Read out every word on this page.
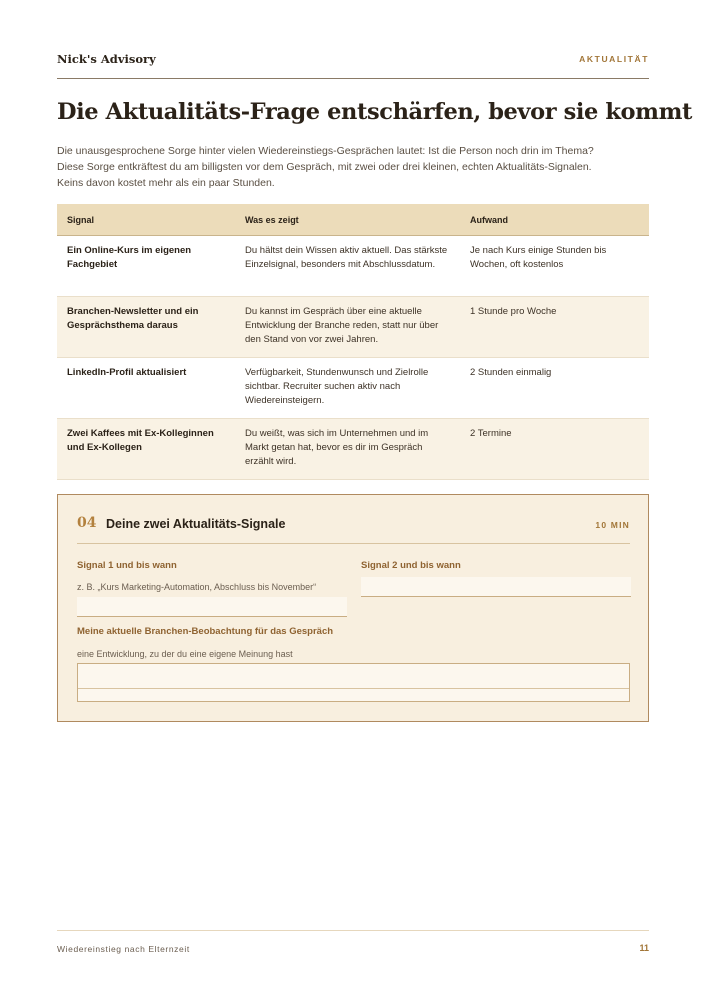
Nick's Advisory	AKTUALITÄT
Die Aktualitäts-Frage entschärfen, bevor sie kommt
Die unausgesprochene Sorge hinter vielen Wiedereinstiegs-Gesprächen lautet: Ist die Person noch drin im Thema?
Diese Sorge entkräftest du am billigsten vor dem Gespräch, mit zwei oder drei kleinen, echten Aktualitäts-Signalen.
Keins davon kostet mehr als ein paar Stunden.
Signal	Was es zeigt	Aufwand
Ein Online-Kurs im eigenen Fachgebiet	Du hältst dein Wissen aktiv aktuell. Das stärkste Einzelsignal, besonders mit Abschlussdatum.	Je nach Kurs einige Stunden bis Wochen, oft kostenlos
Branchen-Newsletter und ein Gesprächsthema daraus	Du kannst im Gespräch über eine aktuelle Entwicklung der Branche reden, statt nur über den Stand von vor zwei Jahren.	1 Stunde pro Woche
LinkedIn-Profil aktualisiert	Verfügbarkeit, Stundenwunsch und Zielrolle sichtbar. Recruiter suchen aktiv nach Wiedereinsteigern.	2 Stunden einmalig
Zwei Kaffees mit Ex-Kolleginnen und Ex-Kollegen	Du weißt, was sich im Unternehmen und im Markt getan hat, bevor es dir im Gespräch erzählt wird.	2 Termine
04 Deine zwei Aktualitäts-Signale	10 MIN
Signal 1 und bis wann
z. B. „Kurs Marketing-Automation, Abschluss bis November“
Signal 2 und bis wann
Meine aktuelle Branchen-Beobachtung für das Gespräch
eine Entwicklung, zu der du eine eigene Meinung hast
Wiedereinstieg nach Elternzeit	11
